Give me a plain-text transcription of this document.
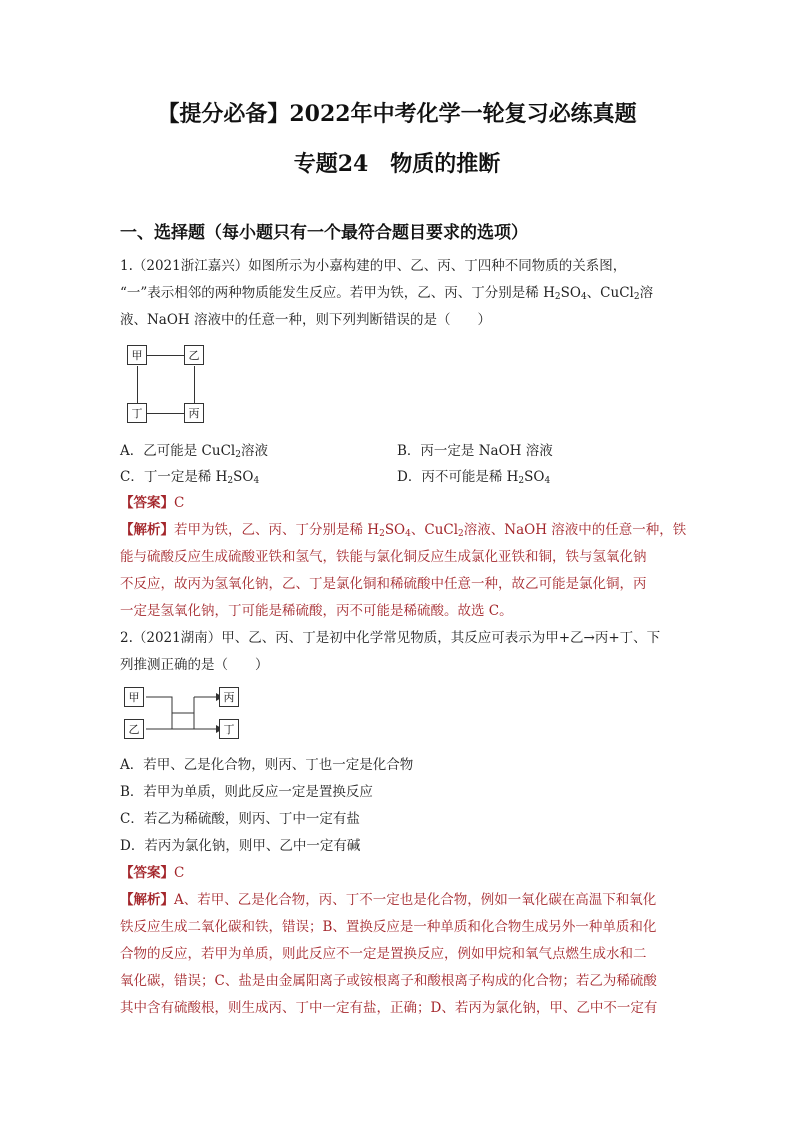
【提分必备】2022年中考化学一轮复习必练真题
专题24　物质的推断
一、选择题（每小题只有一个最符合题目要求的选项）
1.（2021浙江嘉兴）如图所示为小嘉构建的甲、乙、丙、丁四种不同物质的关系图，
“一”表示相邻的两种物质能发生反应。若甲为铁，乙、丙、丁分别是稀 $H_2SO_4$、CuCl$_2$溶
液、NaOH 溶液中的任意一种，则下列判断错误的是（　　）
甲	乙
丁	丙
A．乙可能是 CuCl$_2$溶液	B．丙一定是 NaOH 溶液
C．丁一定是稀 $H_2SO_4$	D．丙不可能是稀 $H_2SO_4$
【答案】C
【解析】若甲为铁，乙、丙、丁分别是稀 $H_2SO_4$、CuCl$_2$溶液、NaOH 溶液中的任意一种，铁
能与硫酸反应生成硫酸亚铁和氢气，铁能与氯化铜反应生成氯化亚铁和铜，铁与氢氧化钠
不反应，故丙为氢氧化钠，乙、丁是氯化铜和稀硫酸中任意一种，故乙可能是氯化铜，丙
一定是氢氧化钠，丁可能是稀硫酸，丙不可能是稀硫酸。故选 C。
2.（2021湖南）甲、乙、丙、丁是初中化学常见物质，其反应可表示为甲+乙→丙+丁、下
列推测正确的是（　　）
甲
乙
丙
丁
A．若甲、乙是化合物，则丙、丁也一定是化合物
B．若甲为单质，则此反应一定是置换反应
C．若乙为稀硫酸，则丙、丁中一定有盐
D．若丙为氯化钠，则甲、乙中一定有碱
【答案】C
【解析】A、若甲、乙是化合物，丙、丁不一定也是化合物，例如一氧化碳在高温下和氧化
铁反应生成二氧化碳和铁，错误；B、置换反应是一种单质和化合物生成另外一种单质和化
合物的反应，若甲为单质，则此反应不一定是置换反应，例如甲烷和氧气点燃生成水和二
氧化碳，错误；C、盐是由金属阳离子或铵根离子和酸根离子构成的化合物；若乙为稀硫酸
其中含有硫酸根，则生成丙、丁中一定有盐，正确；D、若丙为氯化钠，甲、乙中不一定有
